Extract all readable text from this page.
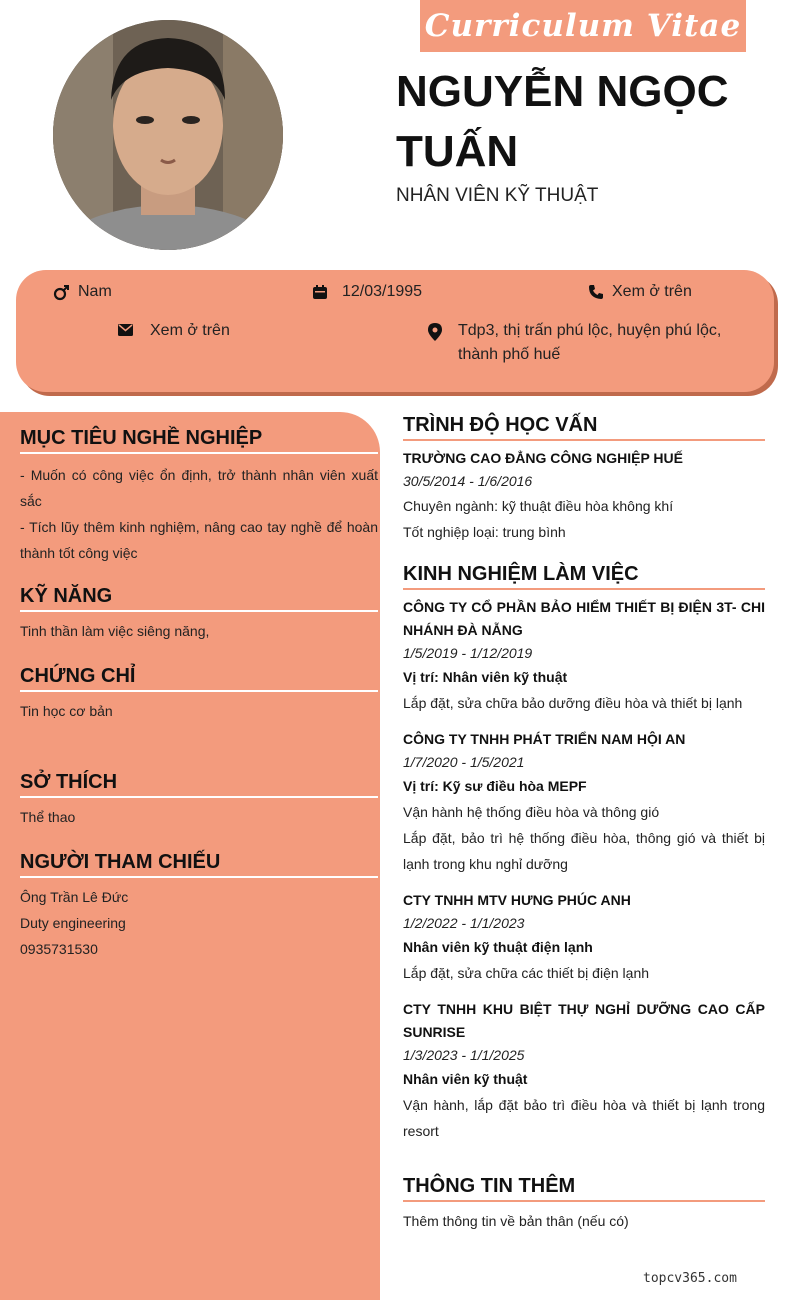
Curriculum Vitae
NGUYỄN NGỌC TUẤN
NHÂN VIÊN KỸ THUẬT
Nam	12/03/1995	Xem ở trên
Xem ở trên	Tdp3, thị trấn phú lộc, huyện phú lộc, thành phố huế
MỤC TIÊU NGHỀ NGHIỆP
- Muốn có công việc ổn định, trở thành nhân viên xuất sắc
- Tích lũy thêm kinh nghiệm, nâng cao tay nghề để hoàn thành tốt công việc
KỸ NĂNG
Tinh thần làm việc siêng năng,
CHỨNG CHỈ
Tin học cơ bản
SỞ THÍCH
Thể thao
NGƯỜI THAM CHIẾU
Ông Trần Lê Đức
Duty engineering
0935731530
TRÌNH ĐỘ HỌC VẤN
TRƯỜNG CAO ĐẲNG CÔNG NGHIỆP HUẾ
30/5/2014 - 1/6/2016
Chuyên ngành: kỹ thuật điều hòa không khí
Tốt nghiệp loại: trung bình
KINH NGHIỆM LÀM VIỆC
CÔNG TY CỔ PHẦN BẢO HIỂM THIẾT BỊ ĐIỆN 3T- CHI NHÁNH ĐÀ NẴNG
1/5/2019 - 1/12/2019
Vị trí: Nhân viên kỹ thuật
Lắp đặt, sửa chữa bảo dưỡng điều hòa và thiết bị lạnh
CÔNG TY TNHH PHÁT TRIỂN NAM HỘI AN
1/7/2020 - 1/5/2021
Vị trí: Kỹ sư điều hòa MEPF
Vận hành hệ thống điều hòa và thông gió
Lắp đặt, bảo trì hệ thống điều hòa, thông gió và thiết bị lạnh trong khu nghỉ dưỡng
CTY TNHH MTV HƯNG PHÚC ANH
1/2/2022 - 1/1/2023
Nhân viên kỹ thuật điện lạnh
Lắp đặt, sửa chữa các thiết bị điện lạnh
CTY TNHH KHU BIỆT THỰ NGHỈ DƯỠNG CAO CẤP SUNRISE
1/3/2023 - 1/1/2025
Nhân viên kỹ thuật
Vận hành, lắp đặt bảo trì điều hòa và thiết bị lạnh trong resort
THÔNG TIN THÊM
Thêm thông tin về bản thân (nếu có)
topcv365.com
